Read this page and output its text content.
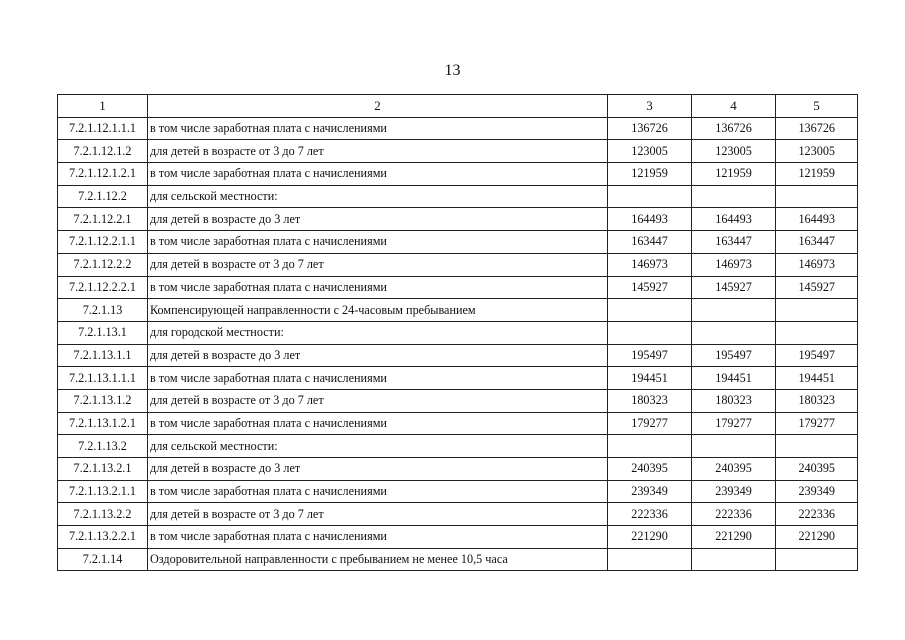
13
1	2	3	4	5
7.2.1.12.1.1.1	в том числе заработная плата с начислениями	136726	136726	136726
7.2.1.12.1.2	для детей в возрасте от 3 до 7 лет	123005	123005	123005
7.2.1.12.1.2.1	в том числе заработная плата с начислениями	121959	121959	121959
7.2.1.12.2	для сельской местности:			
7.2.1.12.2.1	для детей в возрасте до 3 лет	164493	164493	164493
7.2.1.12.2.1.1	в том числе заработная плата с начислениями	163447	163447	163447
7.2.1.12.2.2	для детей в возрасте от 3 до 7 лет	146973	146973	146973
7.2.1.12.2.2.1	в том числе заработная плата с начислениями	145927	145927	145927
7.2.1.13	Компенсирующей направленности с 24-часовым пребыванием			
7.2.1.13.1	для городской местности:			
7.2.1.13.1.1	для детей в возрасте до 3 лет	195497	195497	195497
7.2.1.13.1.1.1	в том числе заработная плата с начислениями	194451	194451	194451
7.2.1.13.1.2	для детей в возрасте от 3 до 7 лет	180323	180323	180323
7.2.1.13.1.2.1	в том числе заработная плата с начислениями	179277	179277	179277
7.2.1.13.2	для сельской местности:			
7.2.1.13.2.1	для детей в возрасте до 3 лет	240395	240395	240395
7.2.1.13.2.1.1	в том числе заработная плата с начислениями	239349	239349	239349
7.2.1.13.2.2	для детей в возрасте от 3 до 7 лет	222336	222336	222336
7.2.1.13.2.2.1	в том числе заработная плата с начислениями	221290	221290	221290
7.2.1.14	Оздоровительной направленности с пребыванием не менее 10,5 часа			
